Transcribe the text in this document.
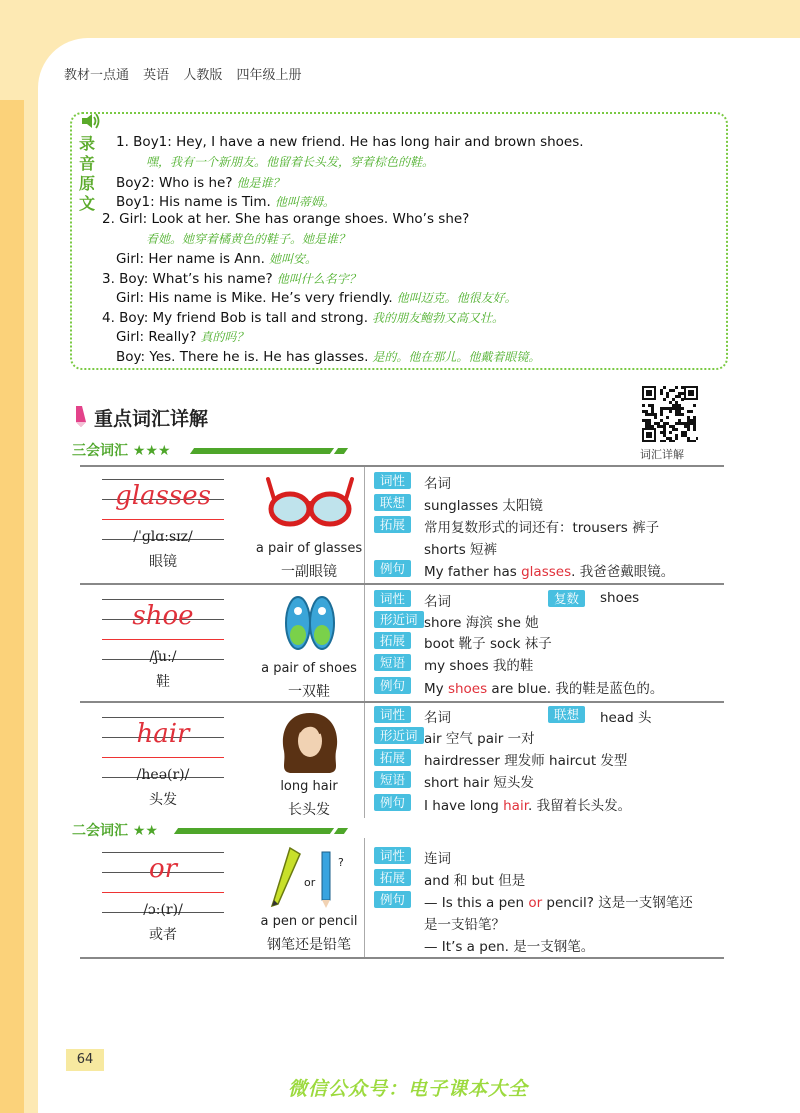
教材一点通 英语 人教版 四年级上册
录
音
原
文
1. Boy1: Hey, I have a new friend. He has long hair and brown shoes.
嘿，我有一个新朋友。他留着长头发，穿着棕色的鞋。
Boy2: Who is he? 他是谁？
Boy1: His name is Tim. 他叫蒂姆。
2. Girl: Look at her. She has orange shoes. Who’s she?
看她。她穿着橘黄色的鞋子。她是谁？
Girl: Her name is Ann. 她叫安。
3. Boy: What’s his name? 他叫什么名字？
Girl: His name is Mike. He’s very friendly. 他叫迈克。他很友好。
4. Boy: My friend Bob is tall and strong. 我的朋友鲍勃又高又壮。
Girl: Really? 真的吗？
Boy: Yes. There he is. He has glasses. 是的。他在那儿。他戴着眼镜。
重点词汇详解
词汇详解
三会词汇 ★★★
二会词汇 ★★
glasses
/ˈɡlɑːsɪz/
眼镜
a pair of glasses
一副眼镜
词性	名词
联想	sunglasses 太阳镜
拓展	常用复数形式的词还有：trousers 裤子
shorts 短裤
例句	My father has glasses. 我爸爸戴眼镜。
shoe
/ʃuː/
鞋
a pair of shoes
一双鞋
词性	名词	复数	shoes
形近词 shore 海滨 she 她
拓展	boot 靴子 sock 袜子
短语	my shoes 我的鞋
例句	My shoes are blue. 我的鞋是蓝色的。
hair
/heə(r)/
头发
long hair
长头发
词性	名词	联想	head 头
形近词 air 空气 pair 一对
拓展	hairdresser 理发师 haircut 发型
短语	short hair 短头发
例句	I have long hair. 我留着长头发。
or
/ɔː(r)/
或者
or
?
a pen or pencil
钢笔还是铅笔
词性	连词
拓展	and 和 but 但是
例句	— Is this a pen or pencil? 这是一支钢笔还
是一支铅笔？
— It’s a pen. 是一支钢笔。
64
微信公众号：电子课本大全
